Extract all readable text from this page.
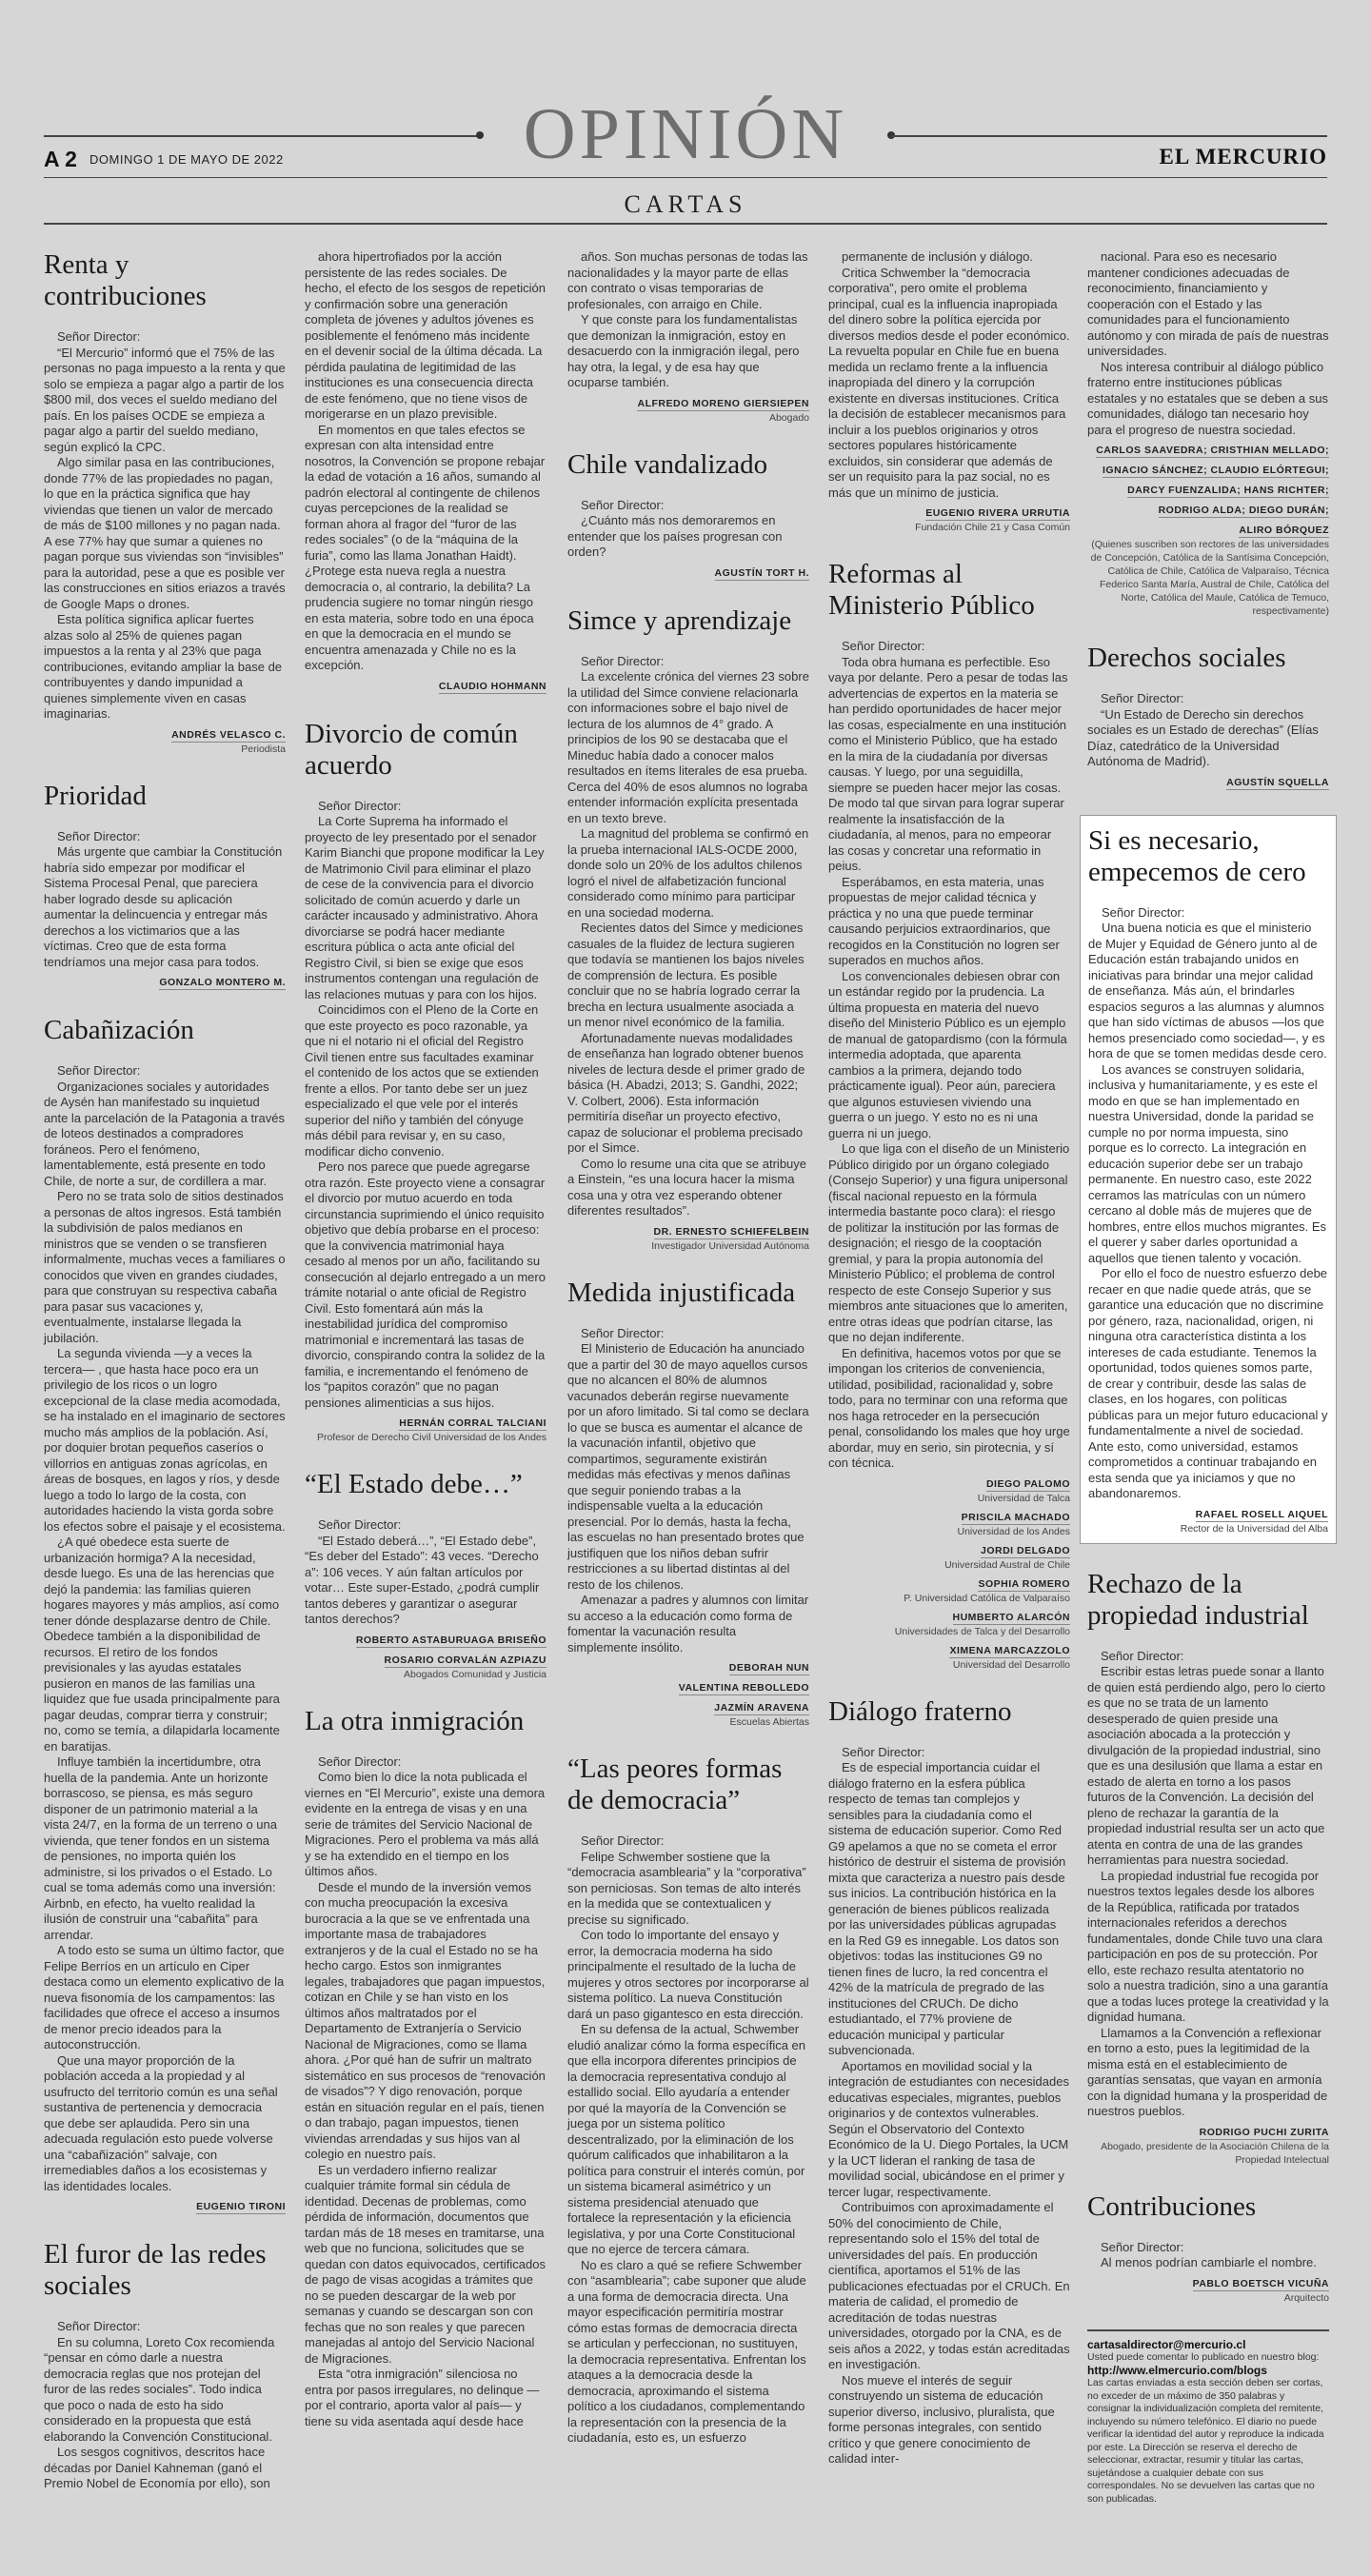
OPINIÓN
A 2 DOMINGO 1 DE MAYO DE 2022	EL MERCURIO
CARTAS
Renta y contribuciones

Señor Director:

“El Mercurio” informó que el 75% de las personas no paga impuesto a la renta y que solo se empieza a pagar algo a partir de los $800 mil, dos veces el sueldo mediano del país. En los países OCDE se empieza a pagar algo a partir del sueldo mediano, según explicó la CPC.

Algo similar pasa en las contribuciones, donde 77% de las propiedades no pagan, lo que en la práctica significa que hay viviendas que tienen un valor de mercado de más de $100 millones y no pagan nada. A ese 77% hay que sumar a quienes no pagan porque sus viviendas son “invisibles” para la autoridad, pese a que es posible ver las construcciones en sitios eriazos a través de Google Maps o drones.

Esta política significa aplicar fuertes alzas solo al 25% de quienes pagan impuestos a la renta y al 23% que paga contribuciones, evitando ampliar la base de contribuyentes y dando impunidad a quienes simplemente viven en casas imaginarias.

ANDRÉS VELASCO C.
Periodista
Prioridad

Señor Director:

Más urgente que cambiar la Constitución habría sido empezar por modificar el Sistema Procesal Penal, que pareciera haber logrado desde su aplicación aumentar la delincuencia y entregar más derechos a los victimarios que a las víctimas. Creo que de esta forma tendríamos una mejor casa para todos.

GONZALO MONTERO M.
Cabañización

Señor Director:

Organizaciones sociales y autoridades de Aysén han manifestado su inquietud ante la parcelación de la Patagonia a través de loteos destinados a compradores foráneos. Pero el fenómeno, lamentablemente, está presente en todo Chile, de norte a sur, de cordillera a mar.

Pero no se trata solo de sitios destinados a personas de altos ingresos. Está también la subdivisión de palos medianos en ministros que se venden o se transfieren informalmente, muchas veces a familiares o conocidos que viven en grandes ciudades, para que construyan su respectiva cabaña para pasar sus vacaciones y, eventualmente, instalarse llegada la jubilación.

La segunda vivienda —y a veces la tercera— , que hasta hace poco era un privilegio de los ricos o un logro excepcional de la clase media acomodada, se ha instalado en el imaginario de sectores mucho más amplios de la población. Así, por doquier brotan pequeños caseríos o villorrios en antiguas zonas agrícolas, en áreas de bosques, en lagos y ríos, y desde luego a todo lo largo de la costa, con autoridades haciendo la vista gorda sobre los efectos sobre el paisaje y el ecosistema.

¿A qué obedece esta suerte de urbanización hormiga? A la necesidad, desde luego. Es una de las herencias que dejó la pandemia: las familias quieren hogares mayores y más amplios, así como tener dónde desplazarse dentro de Chile. Obedece también a la disponibilidad de recursos. El retiro de los fondos previsionales y las ayudas estatales pusieron en manos de las familias una liquidez que fue usada principalmente para pagar deudas, comprar tierra y construir; no, como se temía, a dilapidarla locamente en baratijas.

Influye también la incertidumbre, otra huella de la pandemia. Ante un horizonte borrascoso, se piensa, es más seguro disponer de un patrimonio material a la vista 24/7, en la forma de un terreno o una vivienda, que tener fondos en un sistema de pensiones, no importa quién los administre, si los privados o el Estado. Lo cual se toma además como una inversión: Airbnb, en efecto, ha vuelto realidad la ilusión de construir una “cabañita” para arrendar.

A todo esto se suma un último factor, que Felipe Berríos en un artículo en Ciper destaca como un elemento explicativo de la nueva fisonomía de los campamentos: las facilidades que ofrece el acceso a insumos de menor precio ideados para la autoconstrucción.

Que una mayor proporción de la población acceda a la propiedad y al usufructo del territorio común es una señal sustantiva de pertenencia y democracia que debe ser aplaudida. Pero sin una adecuada regulación esto puede volverse una “cabañización” salvaje, con irremediables daños a los ecosistemas y las identidades locales.

EUGENIO TIRONI
El furor de las redes sociales

Señor Director:

En su columna, Loreto Cox recomienda “pensar en cómo darle a nuestra democracia reglas que nos protejan del furor de las redes sociales”. Todo indica que poco o nada de esto ha sido considerado en la propuesta que está elaborando la Convención Constitucional.

Los sesgos cognitivos, descritos hace décadas por Daniel Kahneman (ganó el Premio Nobel de Economía por ello), son

ahora hipertrofiados por la acción persistente de las redes sociales. De hecho, el efecto de los sesgos de repetición y confirmación sobre una generación completa de jóvenes y adultos jóvenes es posiblemente el fenómeno más incidente en el devenir social de la última década. La pérdida paulatina de legitimidad de las instituciones es una consecuencia directa de este fenómeno, que no tiene visos de morigerarse en un plazo previsible.

En momentos en que tales efectos se expresan con alta intensidad entre nosotros, la Convención se propone rebajar la edad de votación a 16 años, sumando al padrón electoral al contingente de chilenos cuyas percepciones de la realidad se forman ahora al fragor del “furor de las redes sociales” (o de la “máquina de la furia”, como las llama Jonathan Haidt). ¿Protege esta nueva regla a nuestra democracia o, al contrario, la debilita? La prudencia sugiere no tomar ningún riesgo en esta materia, sobre todo en una época en que la democracia en el mundo se encuentra amenazada y Chile no es la excepción.

CLAUDIO HOHMANN
Divorcio de común acuerdo

Señor Director:

La Corte Suprema ha informado el proyecto de ley presentado por el senador Karim Bianchi que propone modificar la Ley de Matrimonio Civil para eliminar el plazo de cese de la convivencia para el divorcio solicitado de común acuerdo y darle un carácter incausado y administrativo. Ahora divorciarse se podrá hacer mediante escritura pública o acta ante oficial del Registro Civil, si bien se exige que esos instrumentos contengan una regulación de las relaciones mutuas y para con los hijos.

Coincidimos con el Pleno de la Corte en que este proyecto es poco razonable, ya que ni el notario ni el oficial del Registro Civil tienen entre sus facultades examinar el contenido de los actos que se extienden frente a ellos. Por tanto debe ser un juez especializado el que vele por el interés superior del niño y también del cónyuge más débil para revisar y, en su caso, modificar dicho convenio.

Pero nos parece que puede agregarse otra razón. Este proyecto viene a consagrar el divorcio por mutuo acuerdo en toda circunstancia suprimiendo el único requisito objetivo que debía probarse en el proceso: que la convivencia matrimonial haya cesado al menos por un año, facilitando su consecución al dejarlo entregado a un mero trámite notarial o ante oficial de Registro Civil. Esto fomentará aún más la inestabilidad jurídica del compromiso matrimonial e incrementará las tasas de divorcio, conspirando contra la solidez de la familia, e incrementando el fenómeno de los “papitos corazón” que no pagan pensiones alimenticias a sus hijos.

HERNÁN CORRAL TALCIANI
Profesor de Derecho Civil Universidad de los Andes
“El Estado debe…”

Señor Director:

“El Estado deberá…”, “El Estado debe”, “Es deber del Estado”: 43 veces. “Derecho a”: 106 veces. Y aún faltan artículos por votar… Este super-Estado, ¿podrá cumplir tantos deberes y garantizar o asegurar tantos derechos?

ROBERTO ASTABURUAGA BRISEÑO
ROSARIO CORVALÁN AZPIAZU
Abogados Comunidad y Justicia
La otra inmigración

Señor Director:

Como bien lo dice la nota publicada el viernes en “El Mercurio”, existe una demora evidente en la entrega de visas y en una serie de trámites del Servicio Nacional de Migraciones. Pero el problema va más allá y se ha extendido en el tiempo en los últimos años.

Desde el mundo de la inversión vemos con mucha preocupación la excesiva burocracia a la que se ve enfrentada una importante masa de trabajadores extranjeros y de la cual el Estado no se ha hecho cargo. Estos son inmigrantes legales, trabajadores que pagan impuestos, cotizan en Chile y se han visto en los últimos años maltratados por el Departamento de Extranjería o Servicio Nacional de Migraciones, como se llama ahora. ¿Por qué han de sufrir un maltrato sistemático en sus procesos de “renovación de visados”? Y digo renovación, porque están en situación regular en el país, tienen o dan trabajo, pagan impuestos, tienen viviendas arrendadas y sus hijos van al colegio en nuestro país.

Es un verdadero infierno realizar cualquier trámite formal sin cédula de identidad. Decenas de problemas, como pérdida de información, documentos que tardan más de 18 meses en tramitarse, una web que no funciona, solicitudes que se quedan con datos equivocados, certificados de pago de visas acogidas a trámites que no se pueden descargar de la web por semanas y cuando se descargan son con fechas que no son reales y que parecen manejadas al antojo del Servicio Nacional de Migraciones.

Esta “otra inmigración” silenciosa no entra por pasos irregulares, no delinque —por el contrario, aporta valor al país— y tiene su vida asentada aquí desde hace

años. Son muchas personas de todas las nacionalidades y la mayor parte de ellas con contrato o visas temporarias de profesionales, con arraigo en Chile.

Y que conste para los fundamentalistas que demonizan la inmigración, estoy en desacuerdo con la inmigración ilegal, pero hay otra, la legal, y de esa hay que ocuparse también.

ALFREDO MORENO GIERSIEPEN
Abogado
Chile vandalizado

Señor Director:

¿Cuánto más nos demoraremos en entender que los países progresan con orden?

AGUSTÍN TORT H.
Simce y aprendizaje

Señor Director:

La excelente crónica del viernes 23 sobre la utilidad del Simce conviene relacionarla con informaciones sobre el bajo nivel de lectura de los alumnos de 4° grado. A principios de los 90 se destacaba que el Mineduc había dado a conocer malos resultados en ítems literales de esa prueba. Cerca del 40% de esos alumnos no lograba entender información explícita presentada en un texto breve.

La magnitud del problema se confirmó en la prueba internacional IALS-OCDE 2000, donde solo un 20% de los adultos chilenos logró el nivel de alfabetización funcional considerado como mínimo para participar en una sociedad moderna.

Recientes datos del Simce y mediciones casuales de la fluidez de lectura sugieren que todavía se mantienen los bajos niveles de comprensión de lectura. Es posible concluir que no se habría logrado cerrar la brecha en lectura usualmente asociada a un menor nivel económico de la familia.

Afortunadamente nuevas modalidades de enseñanza han logrado obtener buenos niveles de lectura desde el primer grado de básica (H. Abadzi, 2013; S. Gandhi, 2022; V. Colbert, 2006). Esta información permitiría diseñar un proyecto efectivo, capaz de solucionar el problema precisado por el Simce.

Como lo resume una cita que se atribuye a Einstein, “es una locura hacer la misma cosa una y otra vez esperando obtener diferentes resultados”.

DR. ERNESTO SCHIEFELBEIN
Investigador Universidad Autónoma
Medida injustificada

Señor Director:

El Ministerio de Educación ha anunciado que a partir del 30 de mayo aquellos cursos que no alcancen el 80% de alumnos vacunados deberán regirse nuevamente por un aforo limitado. Si tal como se declara lo que se busca es aumentar el alcance de la vacunación infantil, objetivo que compartimos, seguramente existirán medidas más efectivas y menos dañinas que seguir poniendo trabas a la indispensable vuelta a la educación presencial. Por lo demás, hasta la fecha, las escuelas no han presentado brotes que justifiquen que los niños deban sufrir restricciones a su libertad distintas al del resto de los chilenos.

Amenazar a padres y alumnos con limitar su acceso a la educación como forma de fomentar la vacunación resulta simplemente insólito.

DEBORAH NUN
VALENTINA REBOLLEDO
JAZMÍN ARAVENA
Escuelas Abiertas
“Las peores formas de democracia”

Señor Director:

Felipe Schwember sostiene que la “democracia asamblearia” y la “corporativa” son perniciosas. Son temas de alto interés en la medida que se contextualicen y precise su significado.

Con todo lo importante del ensayo y error, la democracia moderna ha sido principalmente el resultado de la lucha de mujeres y otros sectores por incorporarse al sistema político. La nueva Constitución dará un paso gigantesco en esta dirección.

En su defensa de la actual, Schwember eludió analizar cómo la forma específica en que ella incorpora diferentes principios de la democracia representativa condujo al estallido social. Ello ayudaría a entender por qué la mayoría de la Convención se juega por un sistema político descentralizado, por la eliminación de los quórum calificados que inhabilitaron a la política para construir el interés común, por un sistema bicameral asimétrico y un sistema presidencial atenuado que fortalece la representación y la eficiencia legislativa, y por una Corte Constitucional que no ejerce de tercera cámara.

No es claro a qué se refiere Schwember con “asamblearia”; cabe suponer que alude a una forma de democracia directa. Una mayor especificación permitiría mostrar cómo estas formas de democracia directa se articulan y perfeccionan, no sustituyen, la democracia representativa. Enfrentan los ataques a la democracia desde la democracia, aproximando el sistema político a los ciudadanos, complementando la representación con la presencia de la ciudadanía, esto es, un esfuerzo

permanente de inclusión y diálogo.

Critica Schwember la “democracia corporativa”, pero omite el problema principal, cual es la influencia inapropiada del dinero sobre la política ejercida por diversos medios desde el poder económico. La revuelta popular en Chile fue en buena medida un reclamo frente a la influencia inapropiada del dinero y la corrupción existente en diversas instituciones. Crítica la decisión de establecer mecanismos para incluir a los pueblos originarios y otros sectores populares históricamente excluidos, sin considerar que además de ser un requisito para la paz social, no es más que un mínimo de justicia.

EUGENIO RIVERA URRUTIA
Fundación Chile 21 y Casa Común
Reformas al Ministerio Público

Señor Director:

Toda obra humana es perfectible. Eso vaya por delante. Pero a pesar de todas las advertencias de expertos en la materia se han perdido oportunidades de hacer mejor las cosas, especialmente en una institución como el Ministerio Público, que ha estado en la mira de la ciudadanía por diversas causas. Y luego, por una seguidilla, siempre se pueden hacer mejor las cosas. De modo tal que sirvan para lograr superar realmente la insatisfacción de la ciudadanía, al menos, para no empeorar las cosas y concretar una reformatio in peius.

Esperábamos, en esta materia, unas propuestas de mejor calidad técnica y práctica y no una que puede terminar causando perjuicios extraordinarios, que recogidos en la Constitución no logren ser superados en muchos años.

Los convencionales debiesen obrar con un estándar regido por la prudencia. La última propuesta en materia del nuevo diseño del Ministerio Público es un ejemplo de manual de gatopardismo (con la fórmula intermedia adoptada, que aparenta cambios a la primera, dejando todo prácticamente igual). Peor aún, pareciera que algunos estuviesen viviendo una guerra o un juego. Y esto no es ni una guerra ni un juego.

Lo que liga con el diseño de un Ministerio Público dirigido por un órgano colegiado (Consejo Superior) y una figura unipersonal (fiscal nacional repuesto en la fórmula intermedia bastante poco clara): el riesgo de politizar la institución por las formas de designación; el riesgo de la cooptación gremial, y para la propia autonomía del Ministerio Público; el problema de control respecto de este Consejo Superior y sus miembros ante situaciones que lo ameriten, entre otras ideas que podrían citarse, las que no dejan indiferente.

En definitiva, hacemos votos por que se impongan los criterios de conveniencia, utilidad, posibilidad, racionalidad y, sobre todo, para no terminar con una reforma que nos haga retroceder en la persecución penal, consolidando los males que hoy urge abordar, muy en serio, sin pirotecnia, y sí con técnica.

DIEGO PALOMO
Universidad de Talca
PRISCILA MACHADO
Universidad de los Andes
JORDI DELGADO
Universidad Austral de Chile
SOPHIA ROMERO
P. Universidad Católica de Valparaíso
HUMBERTO ALARCÓN
Universidades de Talca y del Desarrollo
XIMENA MARCAZZOLO
Universidad del Desarrollo
Diálogo fraterno

Señor Director:

Es de especial importancia cuidar el diálogo fraterno en la esfera pública respecto de temas tan complejos y sensibles para la ciudadanía como el sistema de educación superior. Como Red G9 apelamos a que no se cometa el error histórico de destruir el sistema de provisión mixta que caracteriza a nuestro país desde sus inicios. La contribución histórica en la generación de bienes públicos realizada por las universidades públicas agrupadas en la Red G9 es innegable. Los datos son objetivos: todas las instituciones G9 no tienen fines de lucro, la red concentra el 42% de la matrícula de pregrado de las instituciones del CRUCh. De dicho estudiantado, el 77% proviene de educación municipal y particular subvencionada.

Aportamos en movilidad social y la integración de estudiantes con necesidades educativas especiales, migrantes, pueblos originarios y de contextos vulnerables. Según el Observatorio del Contexto Económico de la U. Diego Portales, la UCM y la UCT lideran el ranking de tasa de movilidad social, ubicándose en el primer y tercer lugar, respectivamente.

Contribuimos con aproximadamente el 50% del conocimiento de Chile, representando solo el 15% del total de universidades del país. En producción científica, aportamos el 51% de las publicaciones efectuadas por el CRUCh. En materia de calidad, el promedio de acreditación de todas nuestras universidades, otorgado por la CNA, es de seis años a 2022, y todas están acreditadas en investigación.

Nos mueve el interés de seguir construyendo un sistema de educación superior diverso, inclusivo, pluralista, que forme personas integrales, con sentido crítico y que genere conocimiento de calidad inter-

nacional. Para eso es necesario mantener condiciones adecuadas de reconocimiento, financiamiento y cooperación con el Estado y las comunidades para el funcionamiento autónomo y con mirada de país de nuestras universidades.

Nos interesa contribuir al diálogo público fraterno entre instituciones públicas estatales y no estatales que se deben a sus comunidades, diálogo tan necesario hoy para el progreso de nuestra sociedad.

CARLOS SAAVEDRA; CRISTHIAN MELLADO;
IGNACIO SÁNCHEZ; CLAUDIO ELÓRTEGUI;
DARCY FUENZALIDA; HANS RICHTER;
RODRIGO ALDA; DIEGO DURÁN;
ALIRO BÓRQUEZ
(Quienes suscriben son rectores de las universidades de Concepción, Católica de la Santísima Concepción, Católica de Chile, Católica de Valparaíso, Técnica Federico Santa María, Austral de Chile, Católica del Norte, Católica del Maule, Católica de Temuco, respectivamente)
Derechos sociales

Señor Director:

“Un Estado de Derecho sin derechos sociales es un Estado de derechas” (Elías Díaz, catedrático de la Universidad Autónoma de Madrid).

AGUSTÍN SQUELLA
Si es necesario, empecemos de cero

Señor Director:

Una buena noticia es que el ministerio de Mujer y Equidad de Género junto al de Educación están trabajando unidos en iniciativas para brindar una mejor calidad de enseñanza. Más aún, el brindarles espacios seguros a las alumnas y alumnos que han sido víctimas de abusos —los que hemos presenciado como sociedad—, y es hora de que se tomen medidas desde cero.

Los avances se construyen solidaria, inclusiva y humanitariamente, y es este el modo en que se han implementado en nuestra Universidad, donde la paridad se cumple no por norma impuesta, sino porque es lo correcto. La integración en educación superior debe ser un trabajo permanente. En nuestro caso, este 2022 cerramos las matrículas con un número cercano al doble más de mujeres que de hombres, entre ellos muchos migrantes. Es el querer y saber darles oportunidad a aquellos que tienen talento y vocación.

Por ello el foco de nuestro esfuerzo debe recaer en que nadie quede atrás, que se garantice una educación que no discrimine por género, raza, nacionalidad, origen, ni ninguna otra característica distinta a los intereses de cada estudiante. Tenemos la oportunidad, todos quienes somos parte, de crear y contribuir, desde las salas de clases, en los hogares, con políticas públicas para un mejor futuro educacional y fundamentalmente a nivel de sociedad. Ante esto, como universidad, estamos comprometidos a continuar trabajando en esta senda que ya iniciamos y que no abandonaremos.

RAFAEL ROSELL AIQUEL
Rector de la Universidad del Alba
Rechazo de la propiedad industrial

Señor Director:

Escribir estas letras puede sonar a llanto de quien está perdiendo algo, pero lo cierto es que no se trata de un lamento desesperado de quien preside una asociación abocada a la protección y divulgación de la propiedad industrial, sino que es una desilusión que llama a estar en estado de alerta en torno a los pasos futuros de la Convención. La decisión del pleno de rechazar la garantía de la propiedad industrial resulta ser un acto que atenta en contra de una de las grandes herramientas para nuestra sociedad.

La propiedad industrial fue recogida por nuestros textos legales desde los albores de la República, ratificada por tratados internacionales referidos a derechos fundamentales, donde Chile tuvo una clara participación en pos de su protección. Por ello, este rechazo resulta atentatorio no solo a nuestra tradición, sino a una garantía que a todas luces protege la creatividad y la dignidad humana.

Llamamos a la Convención a reflexionar en torno a esto, pues la legitimidad de la misma está en el establecimiento de garantías sensatas, que vayan en armonía con la dignidad humana y la prosperidad de nuestros pueblos.

RODRIGO PUCHI ZURITA
Abogado, presidente de la Asociación Chilena de la Propiedad Intelectual
Contribuciones

Señor Director:

Al menos podrían cambiarle el nombre.

PABLO BOETSCH VICUÑA
Arquitecto
cartasaldirector@mercurio.cl
Usted puede comentar lo publicado en nuestro blog:
http://www.elmercurio.com/blogs
Las cartas enviadas a esta sección deben ser cortas, no exceder de un máximo de 350 palabras y consignar la individualización completa del remitente, incluyendo su número telefónico. El diario no puede verificar la identidad del autor y reproduce la indicada por este. La Dirección se reserva el derecho de seleccionar, extractar, resumir y titular las cartas, sujetándose a cualquier debate con sus correspondales. No se devuelven las cartas que no son publicadas.
